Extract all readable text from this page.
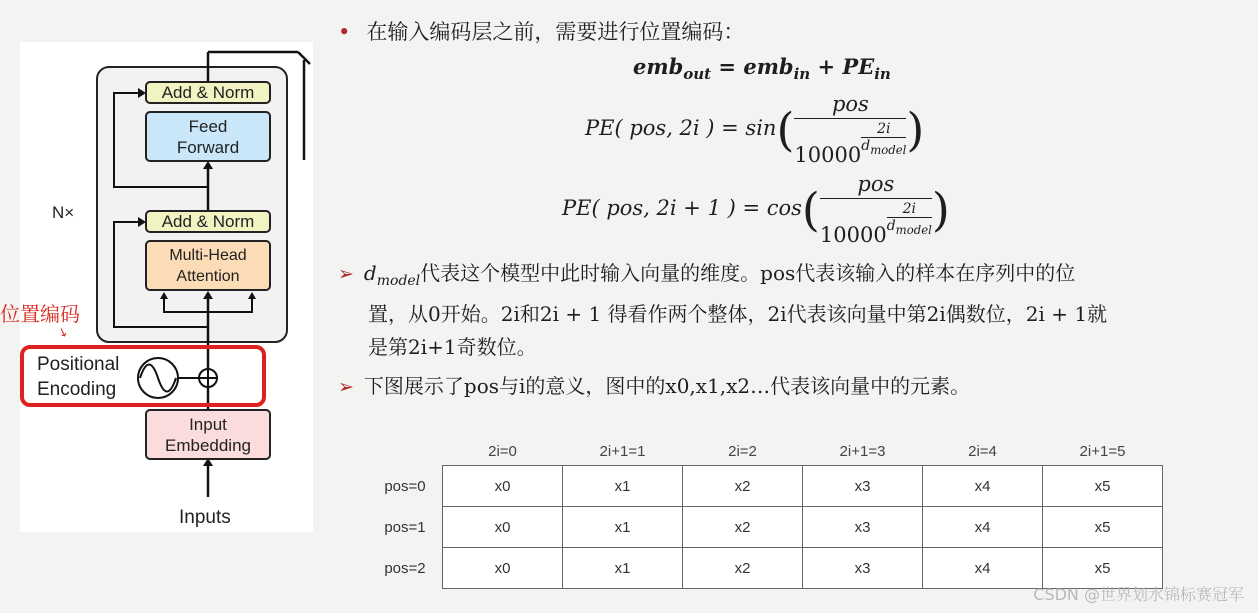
N×
位置编码
↘
Add & Norm
Feed
Forward
Add & Norm
Multi-Head
Attention
Positional
Encoding
Input
Embedding
Inputs
• 在输入编码层之前，需要进行位置编码：
$emb_{out} = emb_{in} + PE_{in}$
PE( pos, 2i ) = sin( pos
10000
2i
$d_{model}$ )
PE( pos, 2i + 1 ) = cos( pos
10000
2i
$d_{model}$ )
➢ $d_{model}$代表这个模型中此时输入向量的维度。pos代表该输入的样本在序列中的位
置，从0开始。2i和2i + 1 得看作两个整体，2i代表该向量中第2i偶数位，2i + 1就
是第2i+1奇数位。
➢ 下图展示了pos与i的意义，图中的x0,x1,x2…代表该向量中的元素。
	2i=0	2i+1=1	2i=2	2i+1=3	2i=4	2i+1=5
pos=0	x0	x1	x2	x3	x4	x5
pos=1	x0	x1	x2	x3	x4	x5
pos=2	x0	x1	x2	x3	x4	x5
CSDN @世界划水锦标赛冠军
